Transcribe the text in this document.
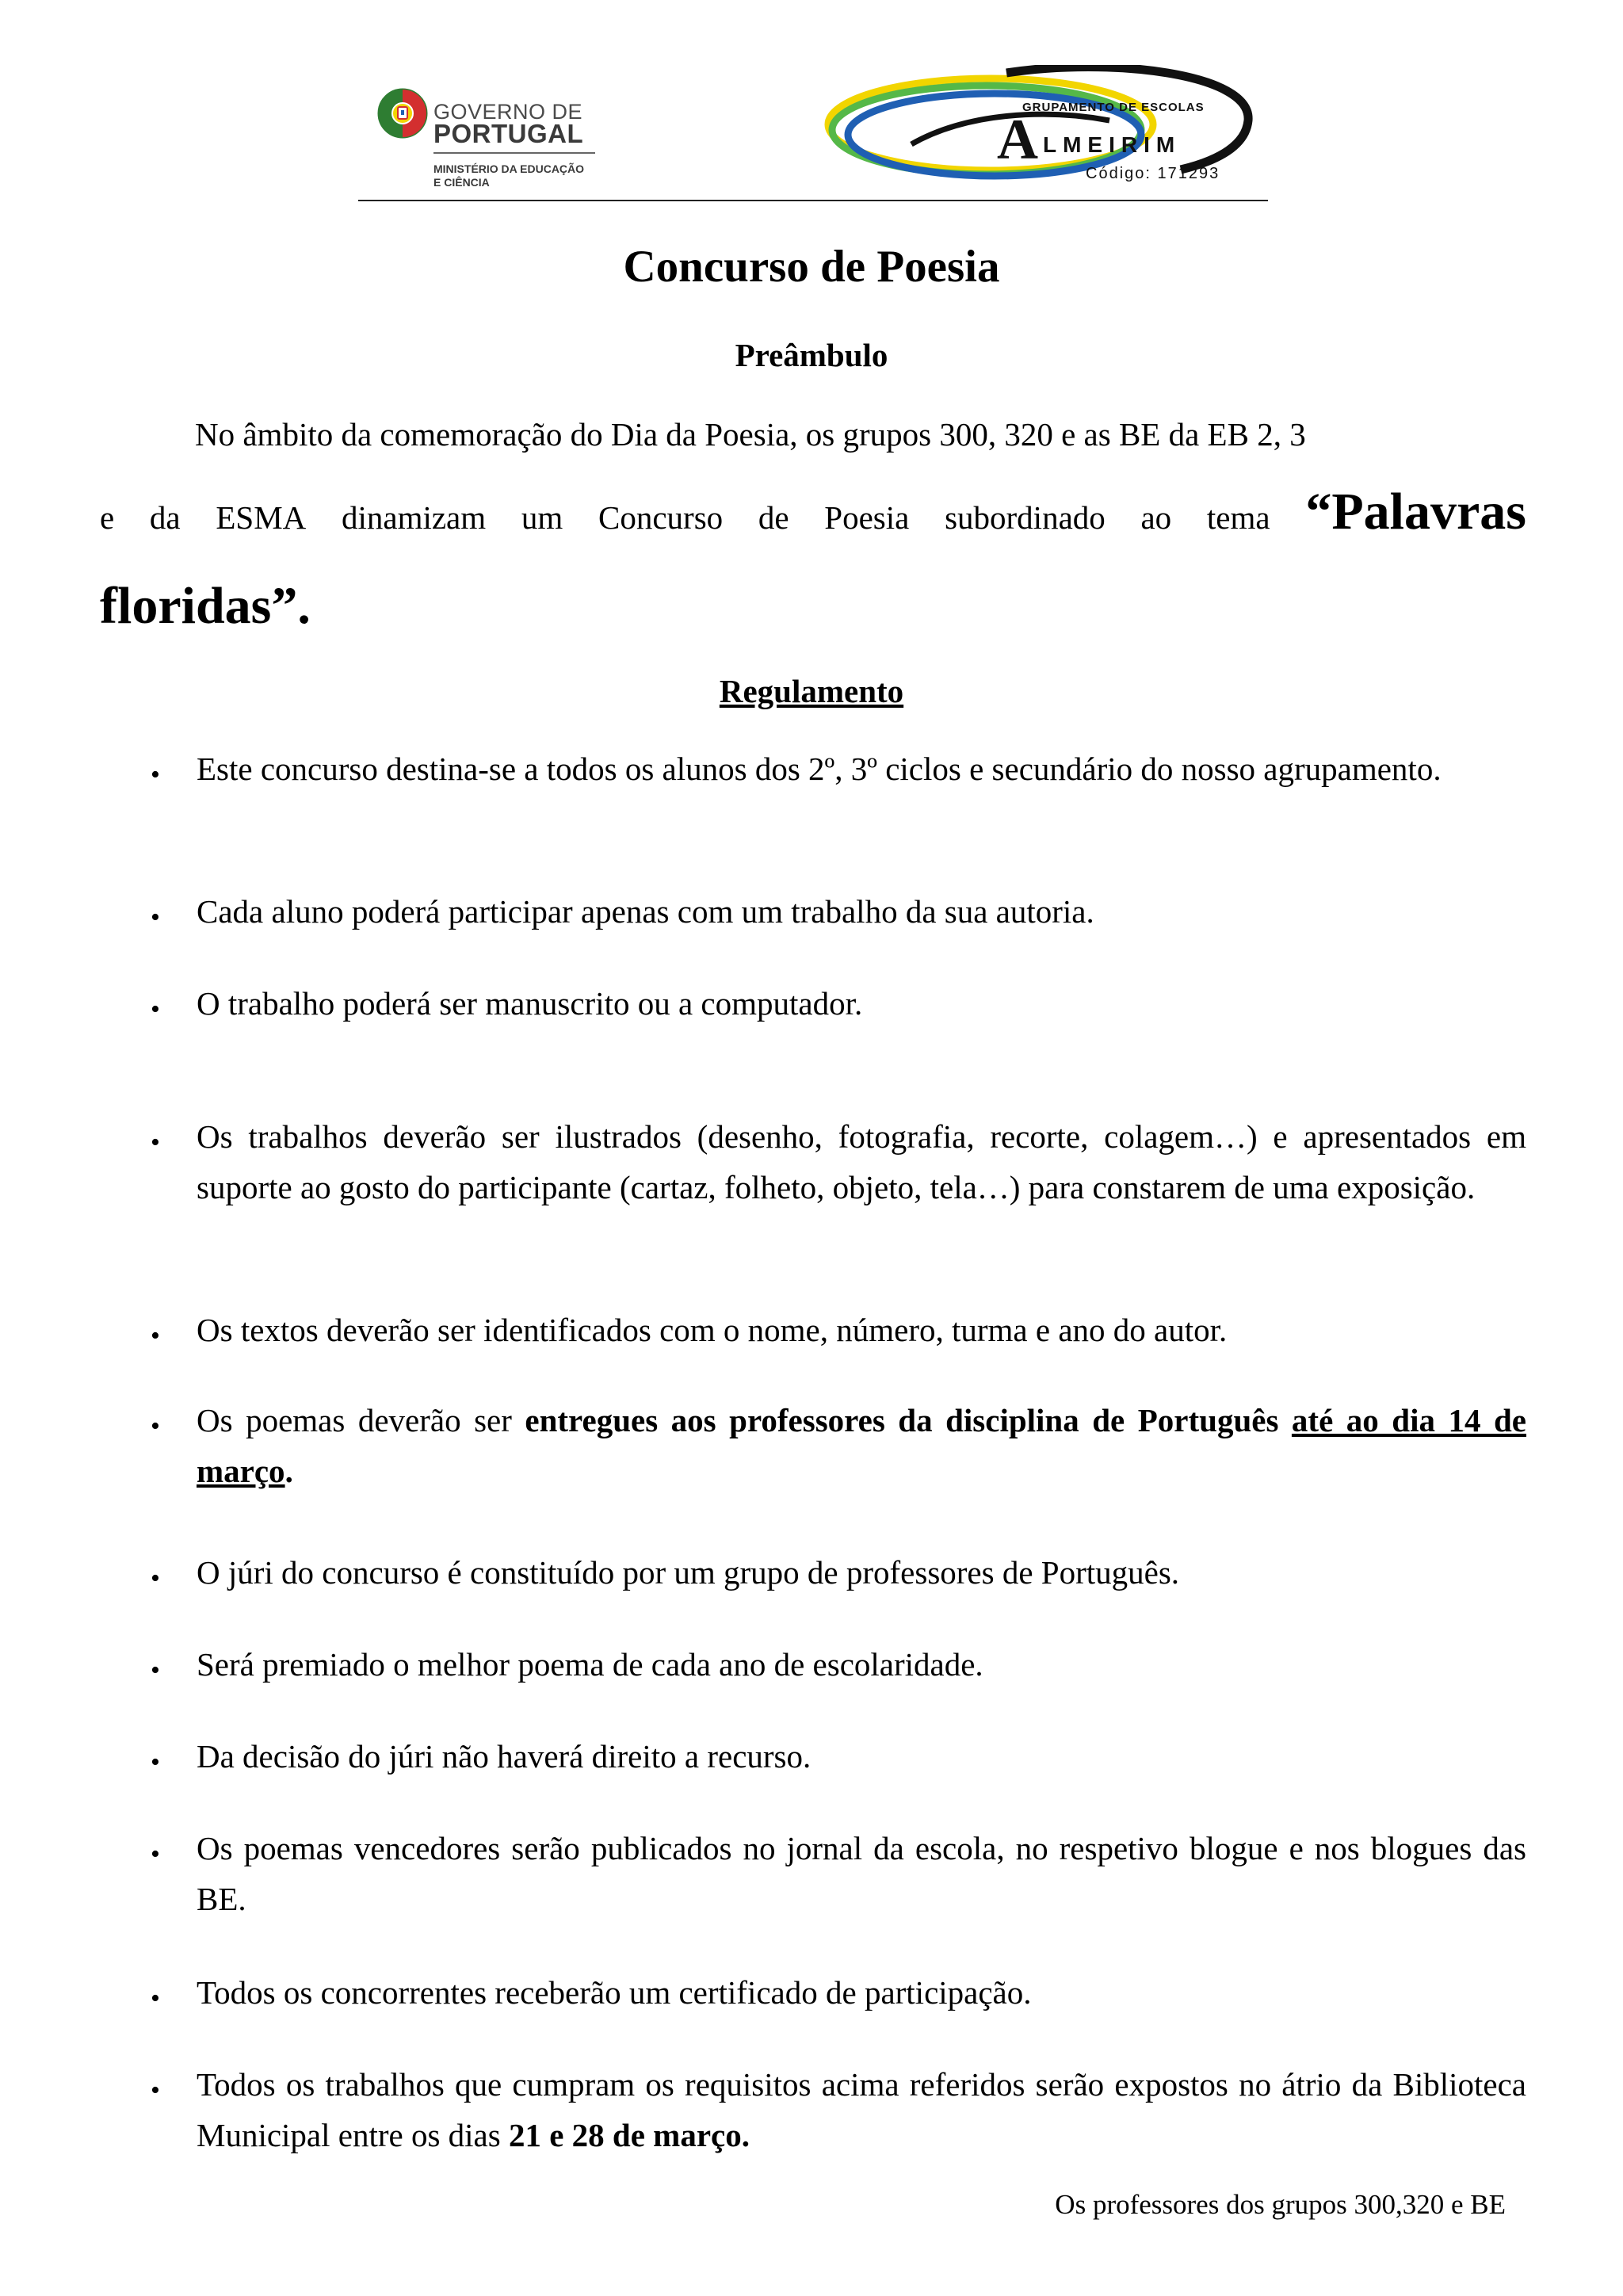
GOVERNO DE
PORTUGAL
MINISTÉRIO DA EDUCAÇÃO
E CIÊNCIA
GRUPAMENTO DE ESCOLAS
A LMEIRIM
Código: 171293
Concurso de Poesia
Preâmbulo
No âmbito da comemoração do Dia da Poesia, os grupos 300, 320 e as BE da EB 2, 3
e da ESMA dinamizam um Concurso de Poesia subordinado ao tema “Palavras
floridas”.
Regulamento
•	Este concurso destina-se a todos os alunos dos 2º, 3º ciclos e secundário do nosso agrupamento.
•	Cada aluno poderá participar apenas com um trabalho da sua autoria.
•	O trabalho poderá ser manuscrito ou a computador.
•	Os trabalhos deverão ser ilustrados (desenho, fotografia, recorte, colagem…) e apresentados em suporte ao gosto do participante (cartaz, folheto, objeto, tela…) para constarem de uma exposição.
•	Os textos deverão ser identificados com o nome, número, turma e ano do autor.
•	Os poemas deverão ser entregues aos professores da disciplina de Português até ao dia 14 de março.
•	O júri do concurso é constituído por um grupo de professores de Português.
•	Será premiado o melhor poema de cada ano de escolaridade.
•	Da decisão do júri não haverá direito a recurso.
•	Os poemas vencedores serão publicados no jornal da escola, no respetivo blogue e nos blogues das BE.
•	Todos os concorrentes receberão um certificado de participação.
•	Todos os trabalhos que cumpram os requisitos acima referidos serão expostos no átrio da Biblioteca Municipal entre os dias 21 e 28 de março.
Os professores dos grupos 300,320 e BE
